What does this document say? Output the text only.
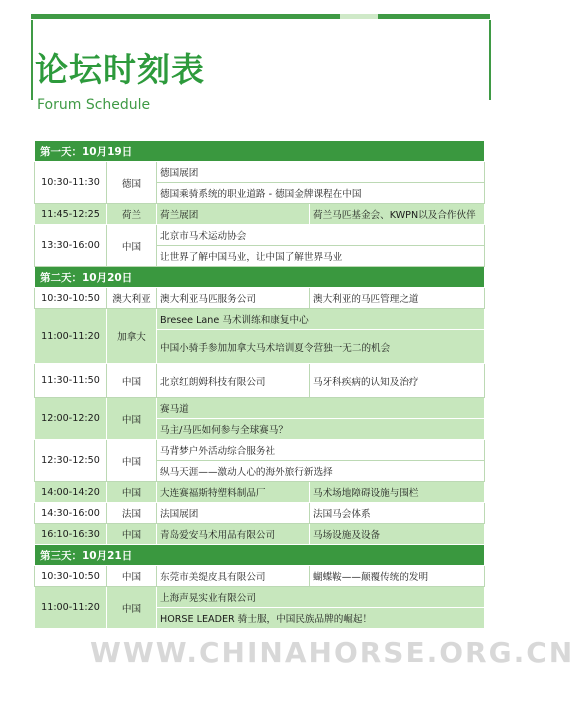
论坛时刻表
Forum Schedule
第一天：10月19日			
10:30-11:30	德国	德国展团	
		德国乘骑系统的职业道路 - 德国金牌课程在中国	
11:45-12:25	荷兰	荷兰展团	荷兰马匹基金会、KWPN以及合作伙伴
13:30-16:00	中国	北京市马术运动协会	
		让世界了解中国马业，让中国了解世界马业	
第二天：10月20日			
10:30-10:50	澳大利亚	澳大利亚马匹服务公司	澳大利亚的马匹管理之道
11:00-11:20	加拿大	Bresee Lane 马术训练和康复中心	
		中国小骑手参加加拿大马术培训夏令营独一无二的机会	
11:30-11:50	中国	北京红朗姆科技有限公司	马牙科疾病的认知及治疗
12:00-12:20	中国	赛马道	
		马主/马匹如何参与全球赛马？	
12:30-12:50	中国	马背梦户外活动综合服务社	
		纵马天涯——激动人心的海外旅行新选择	
14:00-14:20	中国	大连赛福斯特塑料制品厂	马术场地障碍设施与围栏
14:30-16:00	法国	法国展团	法国马会体系
16:10-16:30	中国	青岛爱安马术用品有限公司	马场设施及设备
第三天：10月21日			
10:30-10:50	中国	东莞市美缇皮具有限公司	蝴蝶鞍——颠覆传统的发明
11:00-11:20	中国	上海声晃实业有限公司	
		HORSE LEADER 骑士服，中国民族品牌的崛起！	
WWW.CHINAHORSE.ORG.CN
